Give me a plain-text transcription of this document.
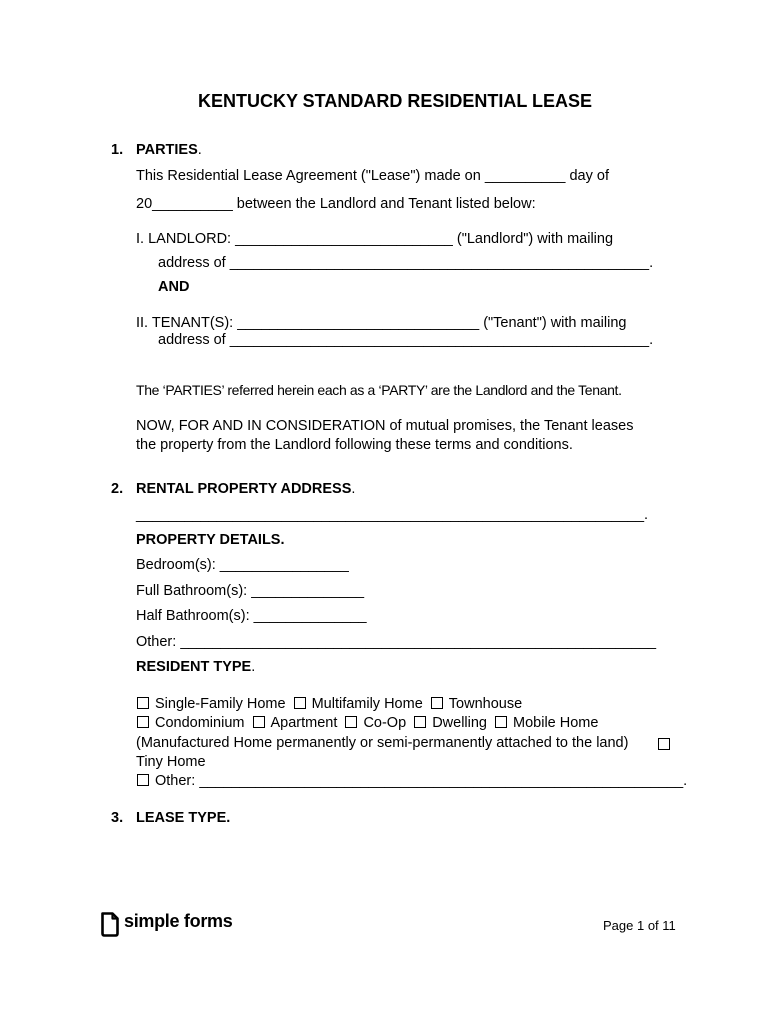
KENTUCKY STANDARD RESIDENTIAL LEASE
1. PARTIES.
This Residential Lease Agreement ("Lease") made on __________ day of
20__________ between the Landlord and Tenant listed below:
I. LANDLORD: ___________________________ ("Landlord") with mailing
address of ____________________________________________________.
AND
II. TENANT(S): ______________________________ ("Tenant") with mailing
address of ____________________________________________________.
The ‘PARTIES’ referred herein each as a ‘PARTY’ are the Landlord and the Tenant.
NOW, FOR AND IN CONSIDERATION of mutual promises, the Tenant leases
the property from the Landlord following these terms and conditions.
2. RENTAL PROPERTY ADDRESS.
_______________________________________________________________.
PROPERTY DETAILS.
Bedroom(s): ________________
Full Bathroom(s): ______________
Half Bathroom(s): ______________
Other: ___________________________________________________________
RESIDENT TYPE.
Single-Family Home Multifamily Home Townhouse
Condominium Apartment Co-Op Dwelling Mobile Home
(Manufactured Home permanently or semi-permanently attached to the land)
Tiny Home
Other: ____________________________________________________________.
3. LEASE TYPE.
simple forms	Page 1 of 11
